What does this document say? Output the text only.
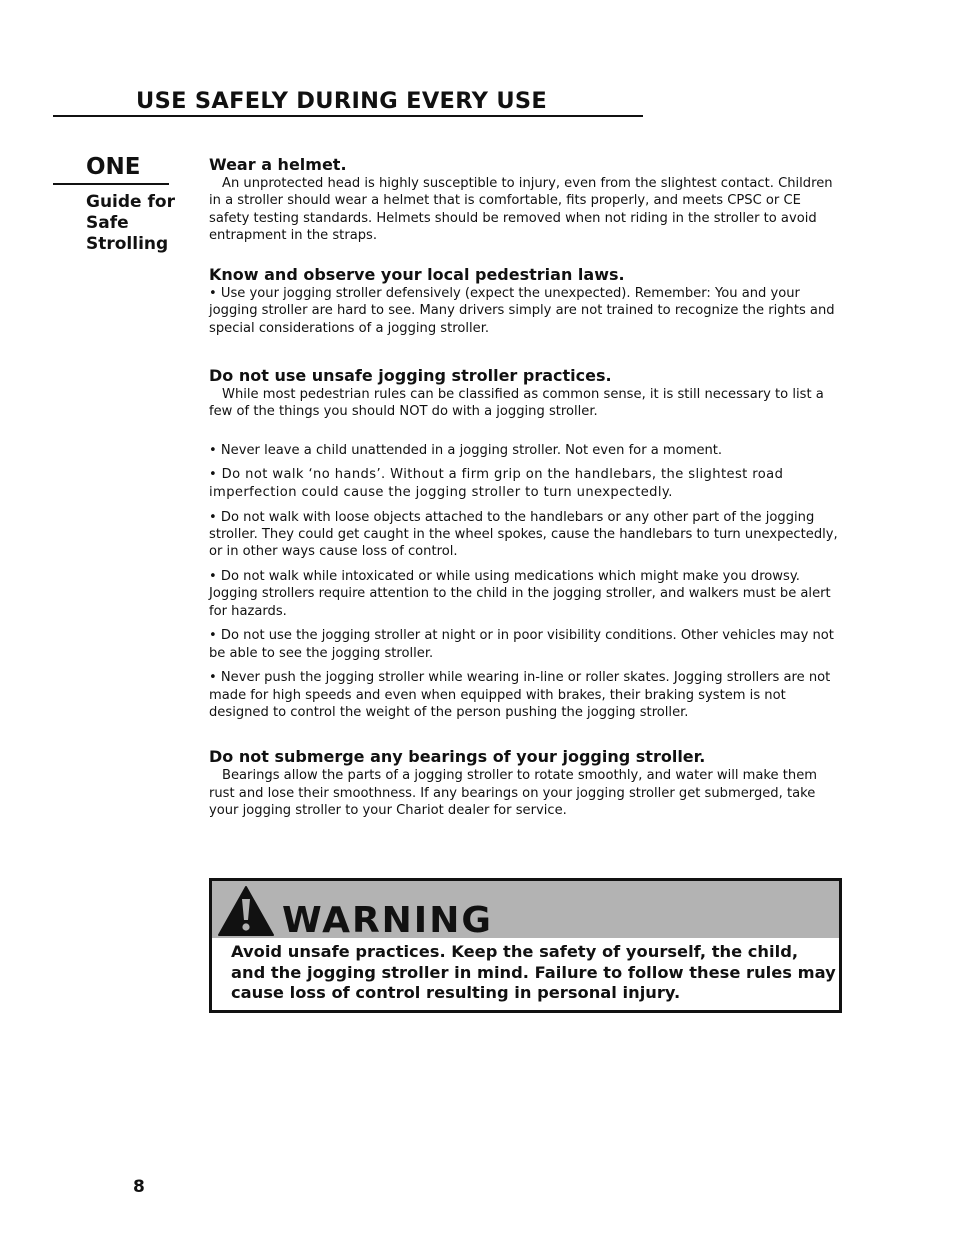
USE SAFELY DURING EVERY USE
ONE
Guide for Safe Strolling

Wear a helmet.

An unprotected head is highly susceptible to injury, even from the slightest contact. Children in a stroller should wear a helmet that is comfortable, fits properly, and meets CPSC or CE safety testing standards. Helmets should be removed when not riding in the stroller to avoid entrapment in the straps.

Know and observe your local pedestrian laws.

• Use your jogging stroller defensively (expect the unexpected). Remember: You and your jogging stroller are hard to see. Many drivers simply are not trained to recognize the rights and special considerations of a jogging stroller.

Do not use unsafe jogging stroller practices.

While most pedestrian rules can be classified as common sense, it is still necessary to list a few of the things you should NOT do with a jogging stroller.

• Never leave a child unattended in a jogging stroller. Not even for a moment.

• Do not walk ‘no hands’. Without a firm grip on the handlebars, the slightest road imperfection could cause the jogging stroller to turn unexpectedly.

• Do not walk with loose objects attached to the handlebars or any other part of the jogging stroller. They could get caught in the wheel spokes, cause the handlebars to turn unexpectedly, or in other ways cause loss of control.

• Do not walk while intoxicated or while using medications which might make you drowsy. Jogging strollers require attention to the child in the jogging stroller, and walkers must be alert for hazards.

• Do not use the jogging stroller at night or in poor visibility conditions. Other vehicles may not be able to see the jogging stroller.

• Never push the jogging stroller while wearing in-line or roller skates. Jogging strollers are not made for high speeds and even when equipped with brakes, their braking system is not designed to control the weight of the person pushing the jogging stroller.

Do not submerge any bearings of your jogging stroller.

Bearings allow the parts of a jogging stroller to rotate smoothly, and water will make them rust and lose their smoothness. If any bearings on your jogging stroller get submerged, take your jogging stroller to your Chariot dealer for service.

WARNING
Avoid unsafe practices. Keep the safety of yourself, the child, and the jogging stroller in mind. Failure to follow these rules may cause loss of control resulting in personal injury.
8
